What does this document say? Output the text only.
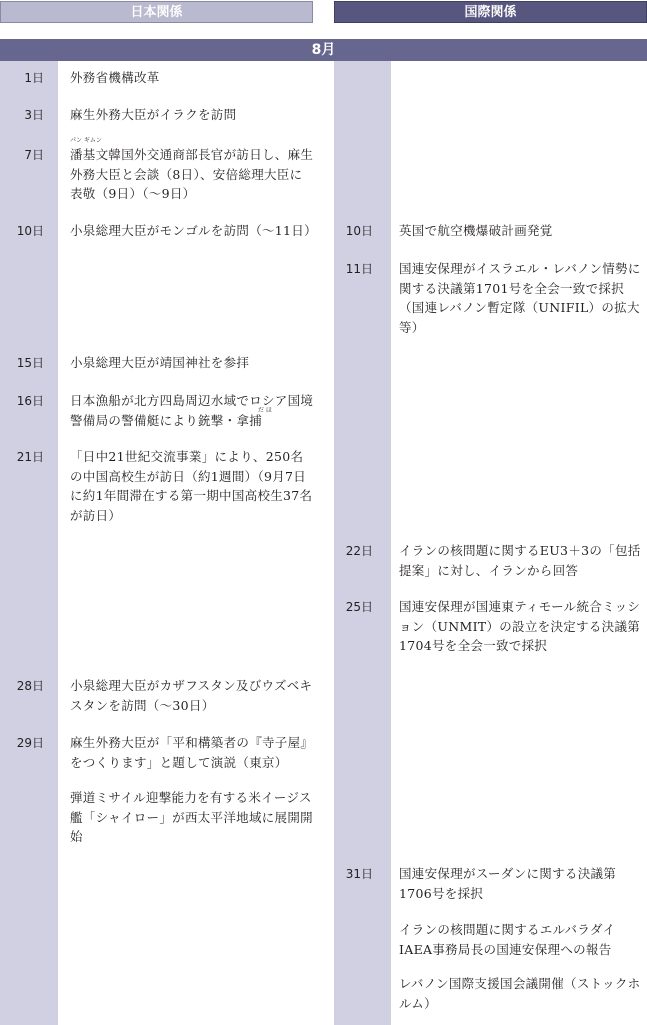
日本関係	国際関係
8月
1日 外務省機構改革
3日 麻生外務大臣がイラクを訪問
パン ギムン
7日 潘基文韓国外交通商部長官が訪日し、麻生外務大臣と会談（8日）、安倍総理大臣に表敬（9日）（～9日）
10日 小泉総理大臣がモンゴルを訪問（～11日）
15日 小泉総理大臣が靖国神社を参拝
だ ほ
16日 日本漁船が北方四島周辺水域でロシア国境警備局の警備艇により銃撃・拿捕
21日 「日中21世紀交流事業」により、250名の中国高校生が訪日（約1週間）（9月7日に約1年間滞在する第一期中国高校生37名が訪日）
28日 小泉総理大臣がカザフスタン及びウズベキスタンを訪問（～30日）
29日 麻生外務大臣が「平和構築者の『寺子屋』をつくります」と題して演説（東京）
弾道ミサイル迎撃能力を有する米イージス艦「シャイロー」が西太平洋地域に展開開始
10日 英国で航空機爆破計画発覚
11日 国連安保理がイスラエル・レバノン情勢に関する決議第1701号を全会一致で採択（国連レバノン暫定隊（UNIFIL）の拡大等）
22日 イランの核問題に関するEU3＋3の「包括提案」に対し、イランから回答
25日 国連安保理が国連東ティモール統合ミッション（UNMIT）の設立を決定する決議第1704号を全会一致で採択
31日 国連安保理がスーダンに関する決議第1706号を採択
イランの核問題に関するエルバラダイIAEA事務局長の国連安保理への報告
レバノン国際支援国会議開催（ストックホルム）
